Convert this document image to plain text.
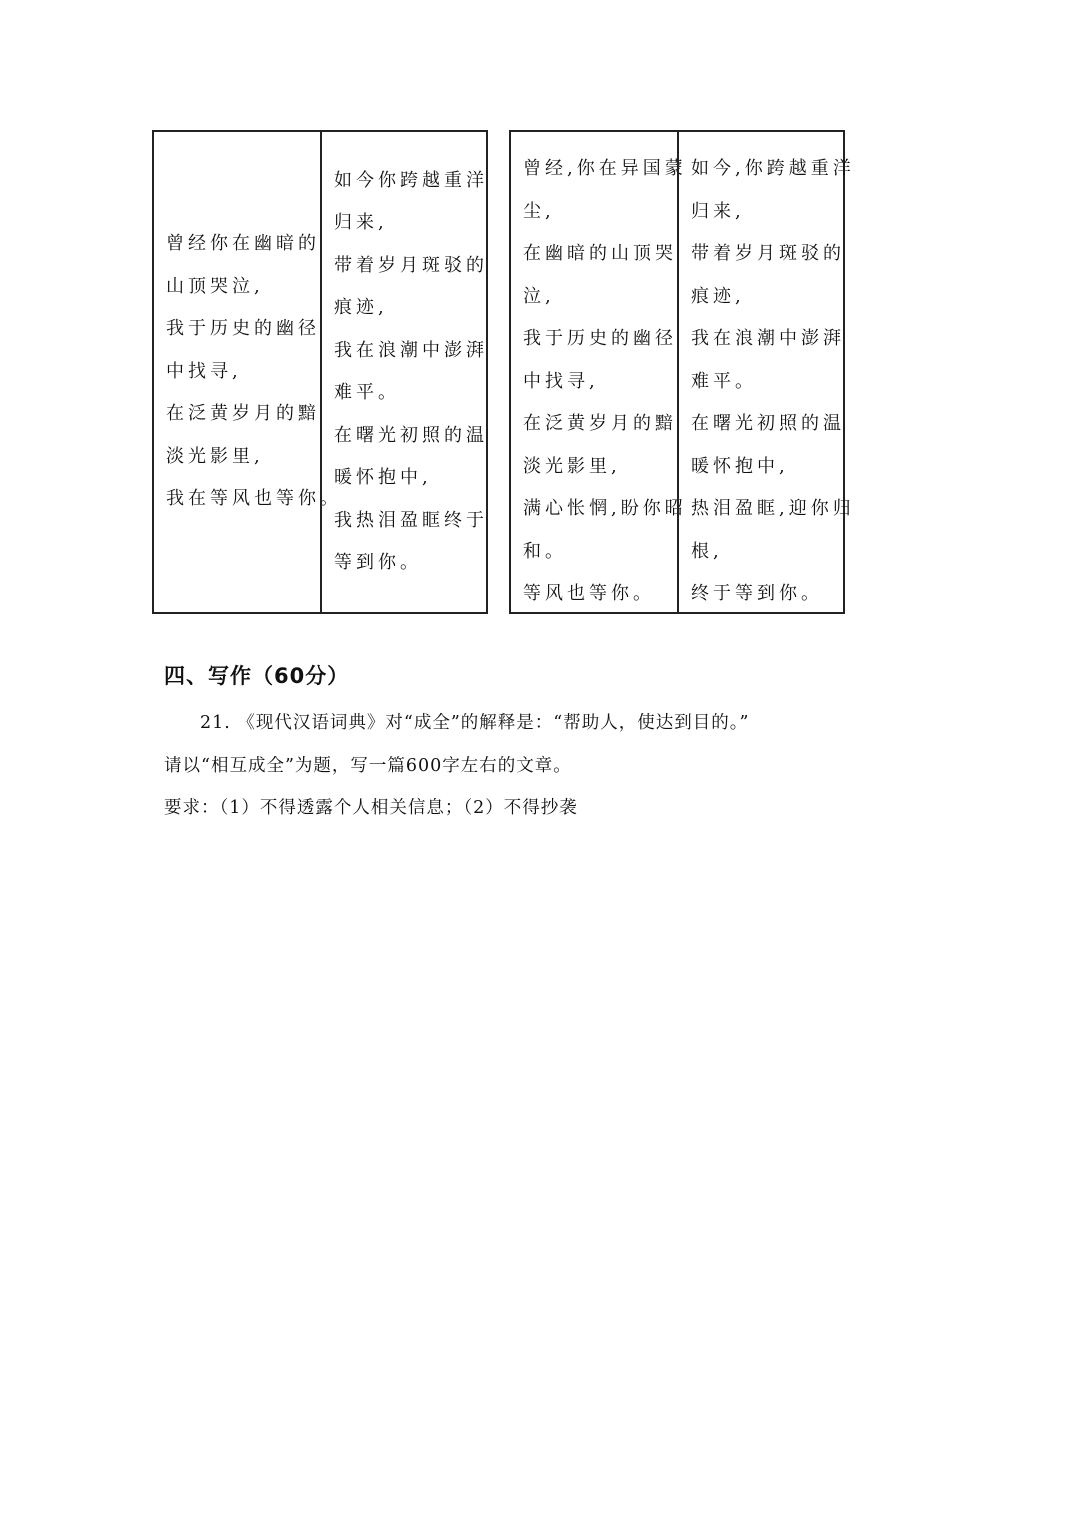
曾经你在幽暗的
山顶哭泣,
我于历史的幽径
中找寻,
在泛黄岁月的黯
淡光影里,
我在等风也等你。
如今你跨越重洋
归来,
带着岁月斑驳的
痕迹,
我在浪潮中澎湃
难平。
在曙光初照的温
暖怀抱中,
我热泪盈眶终于
等到你。
曾经,你在异国蒙
尘,
在幽暗的山顶哭
泣,
我于历史的幽径
中找寻,
在泛黄岁月的黯
淡光影里,
满心怅惘,盼你昭
和。
等风也等你。
如今,你跨越重洋
归来,
带着岁月斑驳的
痕迹,
我在浪潮中澎湃
难平。
在曙光初照的温
暖怀抱中,
热泪盈眶,迎你归
根,
终于等到你。
四、写作（60分）
21. 《现代汉语词典》对“成全”的解释是：“帮助人，使达到目的。”
请以“相互成全”为题，写一篇600字左右的文章。
要求：（1）不得透露个人相关信息；（2）不得抄袭
